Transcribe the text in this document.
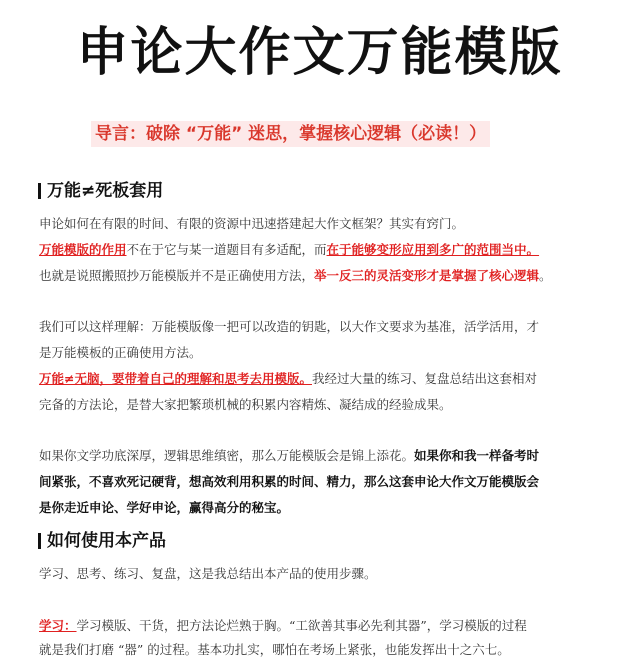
申论大作文万能模版
导言：破除 “万能” 迷思，掌握核心逻辑（必读！）
万能≠死板套用
申论如何在有限的时间、有限的资源中迅速搭建起大作文框架？其实有窍门。
万能模版的作用不在于它与某一道题目有多适配，而在于能够变形应用到多广的范围当中。
也就是说照搬照抄万能模版并不是正确使用方法，举一反三的灵活变形才是掌握了核心逻辑。
我们可以这样理解：万能模版像一把可以改造的钥匙，以大作文要求为基准，活学活用，才
是万能模板的正确使用方法。
万能≠无脑，要带着自己的理解和思考去用模版。我经过大量的练习、复盘总结出这套相对
完备的方法论，是替大家把繁琐机械的积累内容精炼、凝结成的经验成果。
如果你文学功底深厚，逻辑思维缜密，那么万能模版会是锦上添花。如果你和我一样备考时
间紧张，不喜欢死记硬背，想高效利用积累的时间、精力，那么这套申论大作文万能模版会
是你走近申论、学好申论，赢得高分的秘宝。
如何使用本产品
学习、思考、练习、复盘，这是我总结出本产品的使用步骤。
学习：学习模版、干货，把方法论烂熟于胸。“工欲善其事必先利其器”，学习模版的过程
就是我们打磨 “器” 的过程。基本功扎实，哪怕在考场上紧张，也能发挥出十之六七。
